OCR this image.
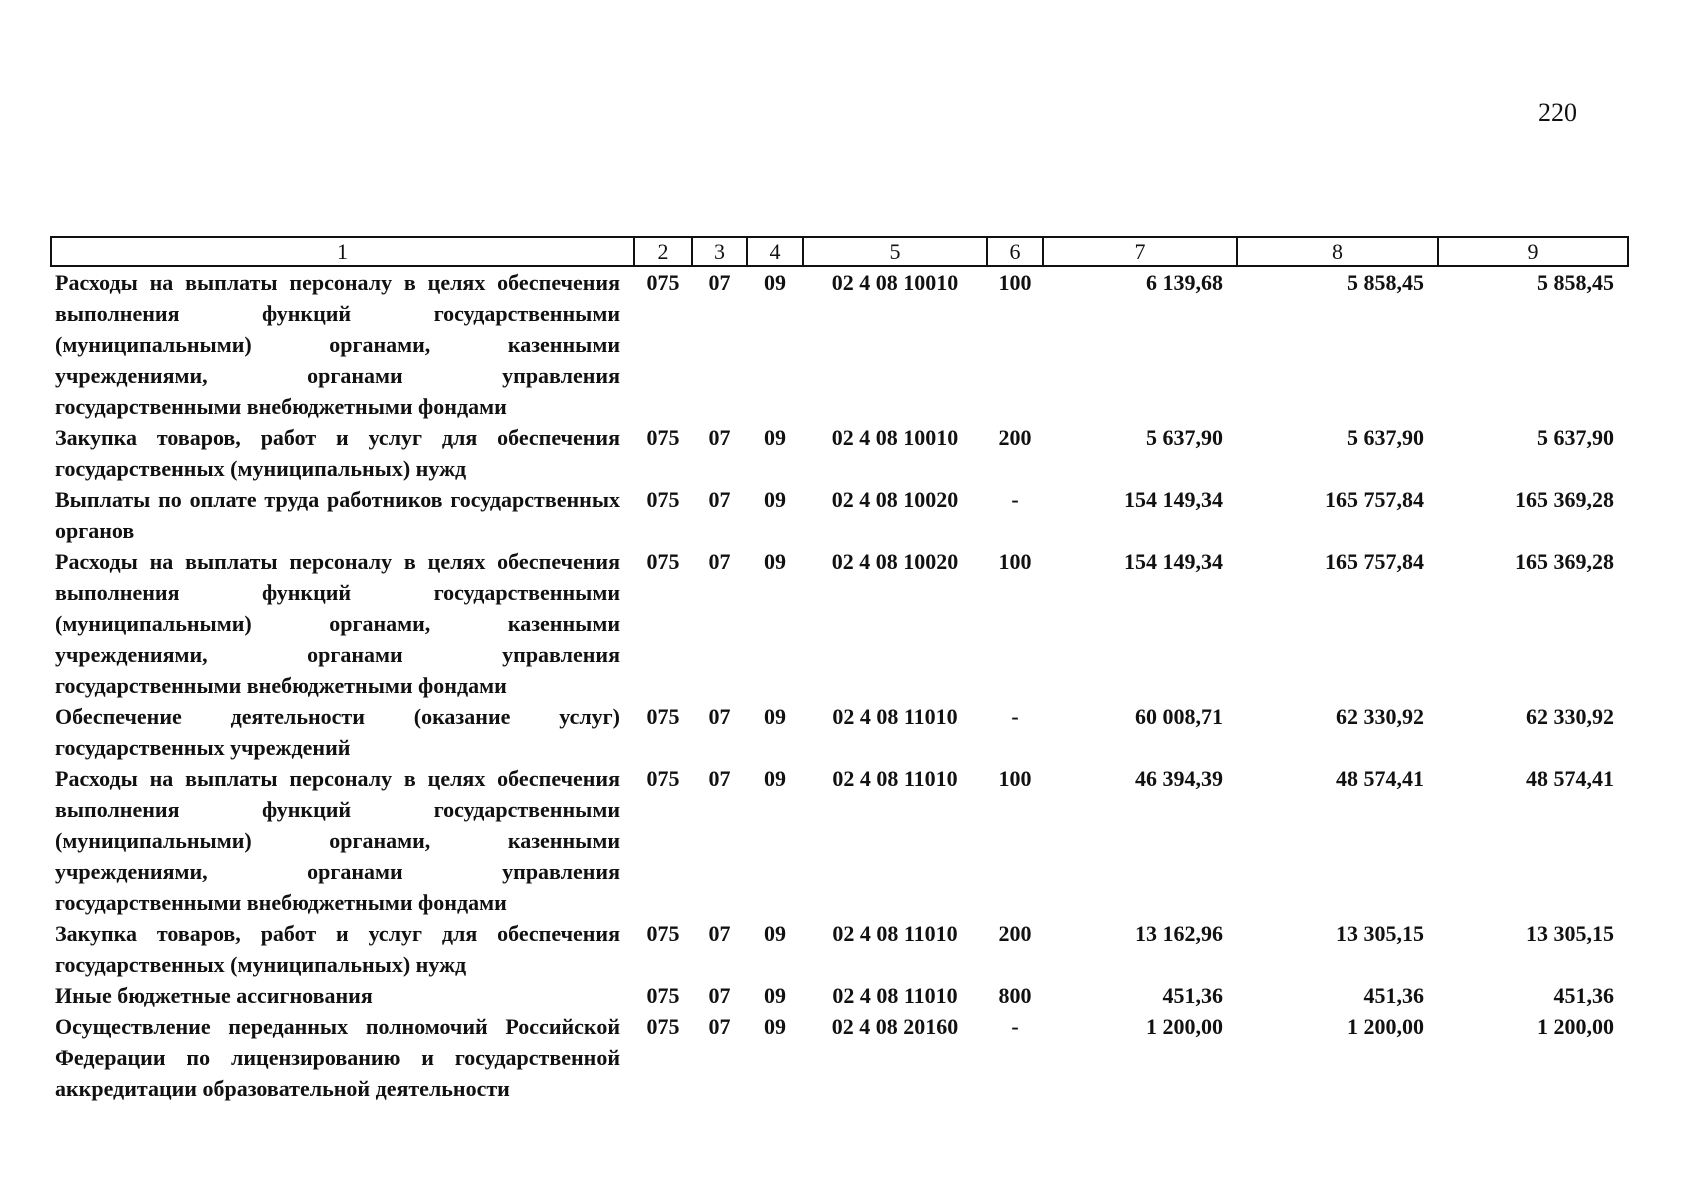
220
1	2	3	4	5	6	7	8	9
Расходы на выплаты персоналу в целях обеспечения выполнения функций государственными (муниципальными) органами, казенными учреждениями, органами управления государственными внебюджетными фондами	075	07	09	02 4 08 10010	100	6 139,68	5 858,45	5 858,45
Закупка товаров, работ и услуг для обеспечения государственных (муниципальных) нужд	075	07	09	02 4 08 10010	200	5 637,90	5 637,90	5 637,90
Выплаты по оплате труда работников государственных органов	075	07	09	02 4 08 10020	-	154 149,34	165 757,84	165 369,28
Расходы на выплаты персоналу в целях обеспечения выполнения функций государственными (муниципальными) органами, казенными учреждениями, органами управления государственными внебюджетными фондами	075	07	09	02 4 08 10020	100	154 149,34	165 757,84	165 369,28
Обеспечение деятельности (оказание услуг) государственных учреждений	075	07	09	02 4 08 11010	-	60 008,71	62 330,92	62 330,92
Расходы на выплаты персоналу в целях обеспечения выполнения функций государственными (муниципальными) органами, казенными учреждениями, органами управления государственными внебюджетными фондами	075	07	09	02 4 08 11010	100	46 394,39	48 574,41	48 574,41
Закупка товаров, работ и услуг для обеспечения государственных (муниципальных) нужд	075	07	09	02 4 08 11010	200	13 162,96	13 305,15	13 305,15
Иные бюджетные ассигнования	075	07	09	02 4 08 11010	800	451,36	451,36	451,36
Осуществление переданных полномочий Российской Федерации по лицензированию и государственной аккредитации образовательной деятельности	075	07	09	02 4 08 20160	-	1 200,00	1 200,00	1 200,00
